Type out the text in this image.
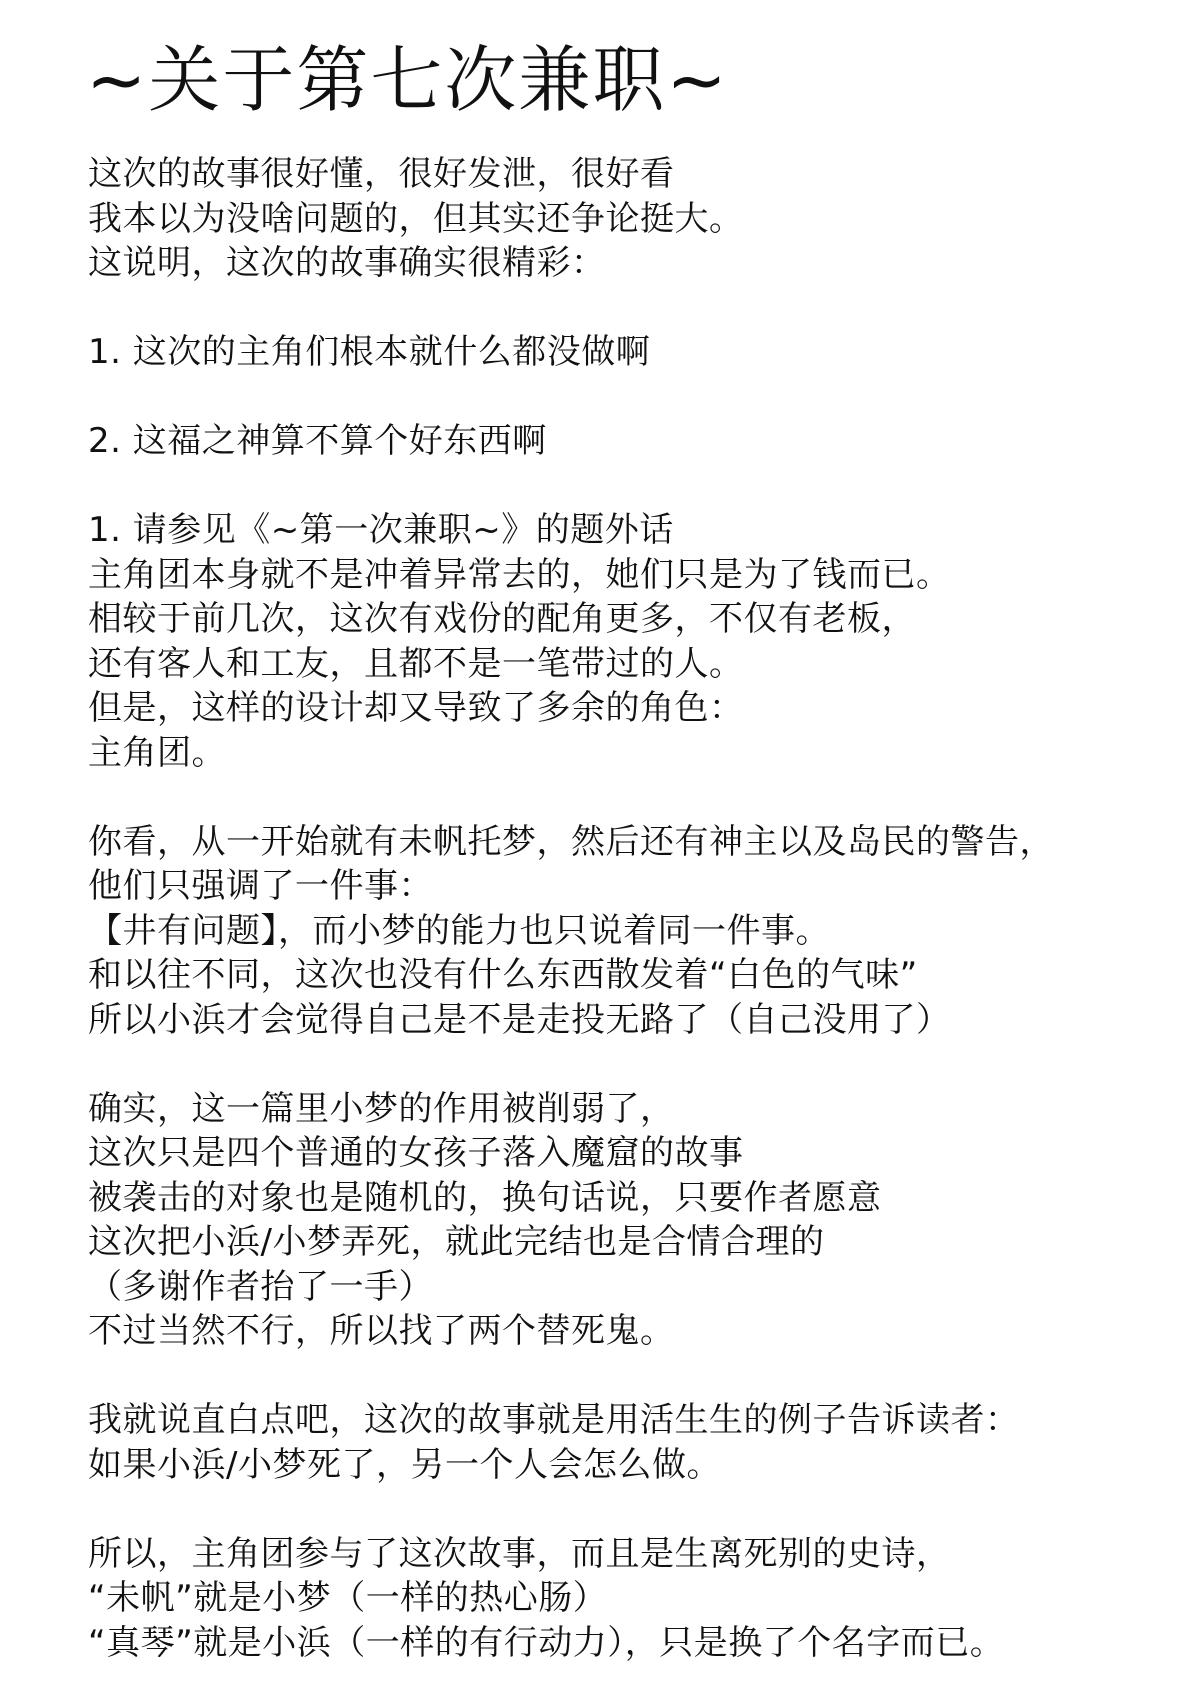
~关于第七次兼职~
这次的故事很好懂，很好发泄，很好看
我本以为没啥问题的，但其实还争论挺大。
这说明，这次的故事确实很精彩：
1. 这次的主角们根本就什么都没做啊
2. 这福之神算不算个好东西啊
1. 请参见《~第一次兼职~》的题外话
主角团本身就不是冲着异常去的，她们只是为了钱而已。
相较于前几次，这次有戏份的配角更多，不仅有老板，
还有客人和工友，且都不是一笔带过的人。
但是，这样的设计却又导致了多余的角色：
主角团。
你看，从一开始就有未帆托梦，然后还有神主以及岛民的警告，
他们只强调了一件事：
【井有问题】，而小梦的能力也只说着同一件事。
和以往不同，这次也没有什么东西散发着“白色的气味”
所以小浜才会觉得自己是不是走投无路了（自己没用了）
确实，这一篇里小梦的作用被削弱了，
这次只是四个普通的女孩子落入魔窟的故事
被袭击的对象也是随机的，换句话说，只要作者愿意
这次把小浜/小梦弄死，就此完结也是合情合理的
（多谢作者抬了一手）
不过当然不行，所以找了两个替死鬼。
我就说直白点吧，这次的故事就是用活生生的例子告诉读者：
如果小浜/小梦死了，另一个人会怎么做。
所以，主角团参与了这次故事，而且是生离死别的史诗，
“未帆”就是小梦（一样的热心肠）
“真琴”就是小浜（一样的有行动力），只是换了个名字而已。
